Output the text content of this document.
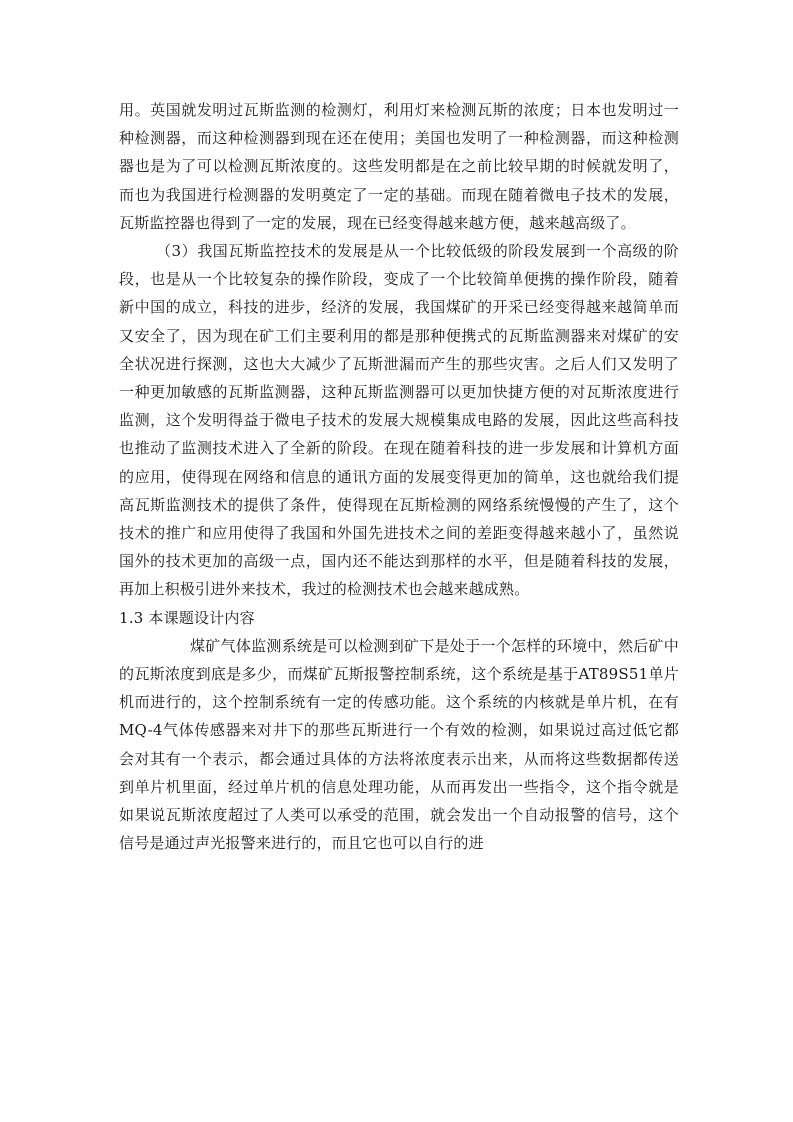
用。英国就发明过瓦斯监测的检测灯，利用灯来检测瓦斯的浓度；日本也发明过一种检测器，而这种检测器到现在还在使用；美国也发明了一种检测器，而这种检测器也是为了可以检测瓦斯浓度的。这些发明都是在之前比较早期的时候就发明了，而也为我国进行检测器的发明奠定了一定的基础。而现在随着微电子技术的发展，瓦斯监控器也得到了一定的发展，现在已经变得越来越方便，越来越高级了。

（3）我国瓦斯监控技术的发展是从一个比较低级的阶段发展到一个高级的阶段，也是从一个比较复杂的操作阶段，变成了一个比较简单便携的操作阶段，随着新中国的成立，科技的进步，经济的发展，我国煤矿的开采已经变得越来越简单而又安全了，因为现在矿工们主要利用的都是那种便携式的瓦斯监测器来对煤矿的安全状况进行探测，这也大大减少了瓦斯泄漏而产生的那些灾害。之后人们又发明了一种更加敏感的瓦斯监测器，这种瓦斯监测器可以更加快捷方便的对瓦斯浓度进行监测，这个发明得益于微电子技术的发展大规模集成电路的发展，因此这些高科技也推动了监测技术进入了全新的阶段。在现在随着科技的进一步发展和计算机方面的应用，使得现在网络和信息的通讯方面的发展变得更加的简单，这也就给我们提高瓦斯监测技术的提供了条件，使得现在瓦斯检测的网络系统慢慢的产生了，这个技术的推广和应用使得了我国和外国先进技术之间的差距变得越来越小了，虽然说国外的技术更加的高级一点，国内还不能达到那样的水平，但是随着科技的发展，再加上积极引进外来技术，我过的检测技术也会越来越成熟。

1.3 本课题设计内容

煤矿气体监测系统是可以检测到矿下是处于一个怎样的环境中，然后矿中的瓦斯浓度到底是多少，而煤矿瓦斯报警控制系统，这个系统是基于AT89S51单片机而进行的，这个控制系统有一定的传感功能。这个系统的内核就是单片机，在有MQ-4气体传感器来对井下的那些瓦斯进行一个有效的检测，如果说过高过低它都会对其有一个表示，都会通过具体的方法将浓度表示出来，从而将这些数据都传送到单片机里面，经过单片机的信息处理功能，从而再发出一些指令，这个指令就是如果说瓦斯浓度超过了人类可以承受的范围，就会发出一个自动报警的信号，这个信号是通过声光报警来进行的，而且它也可以自行的进
